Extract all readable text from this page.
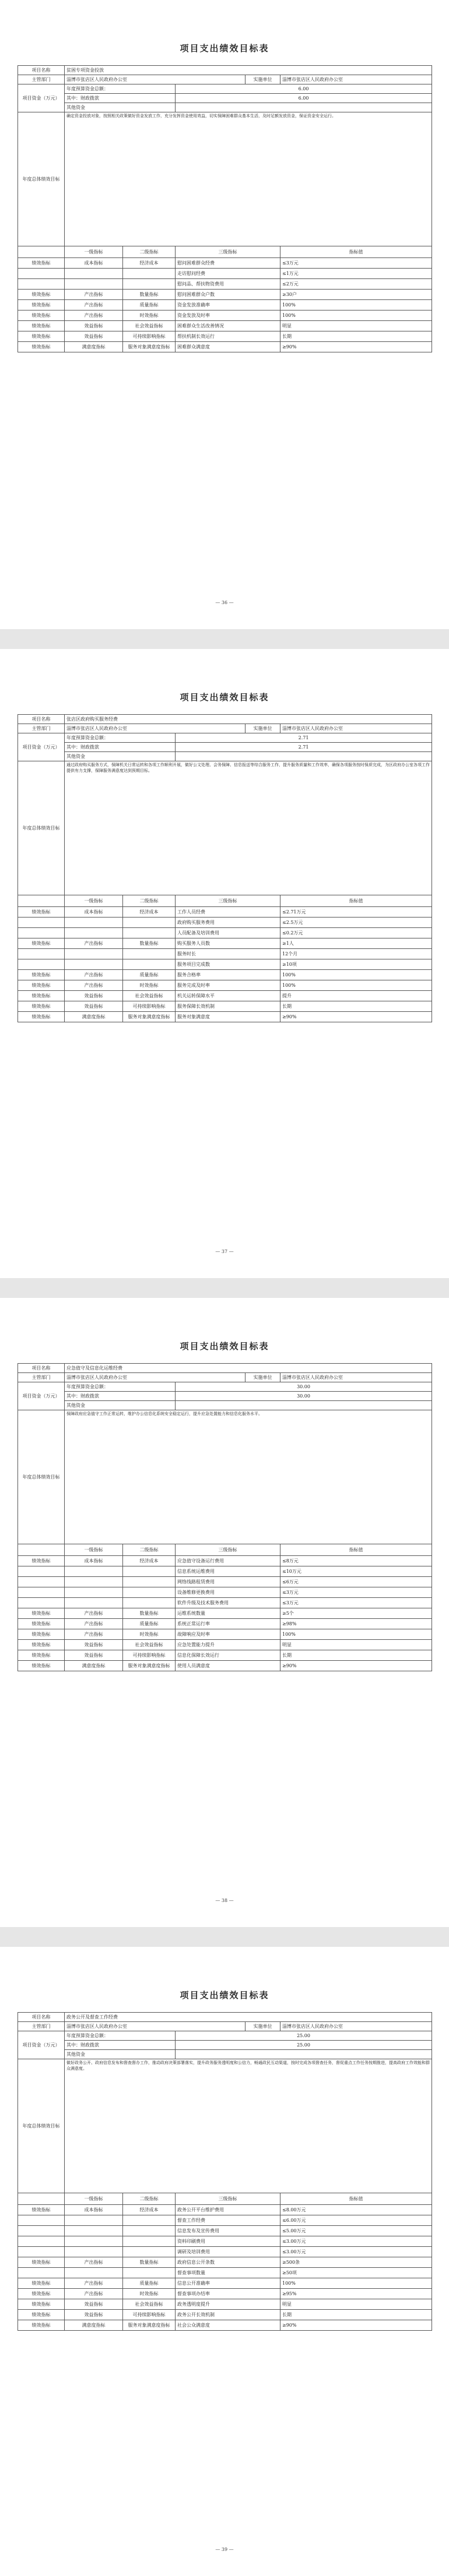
项目支出绩效目标表
项目名称	贫困专项资金投放				
主管部门	淄博市张店区人民政府办公室			实施单位	淄博市张店区人民政府办公室
项目资金（万元）	年度预算资金总额：		6.00		
	其中：财政拨款		6.00		
	其他资金				
年度总体绩效目标	确定资金投放对象，按照相关政策做好资金发放工作，充分发挥资金使用效益，切实保障困难群众基本生活，及时足额发放资金，保证资金安全运行。				
	一级指标	二级指标	三级指标		指标值
绩效指标	成本指标	经济成本	慰问困难群众经费		≤3万元
			走访慰问经费		≤1万元
			慰问品、帮扶物资费用		≤2万元
绩效指标	产出指标	数量指标	慰问困难群众户数		≥30户
绩效指标	产出指标	质量指标	资金发放准确率		100%
绩效指标	产出指标	时效指标	资金发放及时率		100%
绩效指标	效益指标	社会效益指标	困难群众生活改善情况		明显
绩效指标	效益指标	可持续影响指标	帮扶机制长效运行		长期
绩效指标	满意度指标	服务对象满意度指标	困难群众满意度		≥90%
— 36 —
项目支出绩效目标表
项目名称	张店区政府购买服务经费				
主管部门	淄博市张店区人民政府办公室			实施单位	淄博市张店区人民政府办公室
项目资金（万元）	年度预算资金总额：		2.71		
	其中：财政拨款		2.71		
	其他资金				
年度总体绩效目标	通过政府购买服务方式，保障机关日常运转和各项工作顺利开展，做好公文处理、会务保障、信息报送等综合服务工作，提升服务质量和工作效率，确保各项服务按时保质完成，为区政府办公室各项工作提供有力支撑，保障服务满意度达到预期目标。				
	一级指标	二级指标	三级指标		指标值
绩效指标	成本指标	经济成本	工作人员经费		≤2.71万元
			政府购买服务费用		≤2.5万元
			人员配备及培训费用		≤0.2万元
绩效指标	产出指标	数量指标	购买服务人员数		≥1人
			服务时长		12个月
			服务项目完成数		≥10项
绩效指标	产出指标	质量指标	服务合格率		100%
绩效指标	产出指标	时效指标	服务完成及时率		100%
绩效指标	效益指标	社会效益指标	机关运转保障水平		提升
绩效指标	效益指标	可持续影响指标	服务保障长效机制		长期
绩效指标	满意度指标	服务对象满意度指标	服务对象满意度		≥90%
— 37 —
项目支出绩效目标表
项目名称	应急值守及信息化运维经费				
主管部门	淄博市张店区人民政府办公室			实施单位	淄博市张店区人民政府办公室
项目资金（万元）	年度预算资金总额：		30.00		
	其中：财政拨款		30.00		
	其他资金				
年度总体绩效目标	保障政府应急值守工作正常运转，维护办公信息化系统安全稳定运行，提升应急处置能力和信息化服务水平。				
	一级指标	二级指标	三级指标		指标值
绩效指标	成本指标	经济成本	应急值守设备运行费用		≤8万元
			信息系统运维费用		≤10万元
			网络线路租赁费用		≤6万元
			设备维修更换费用		≤3万元
			软件升级及技术服务费用		≤3万元
绩效指标	产出指标	数量指标	运维系统数量		≥5个
绩效指标	产出指标	质量指标	系统正常运行率		≥98%
绩效指标	产出指标	时效指标	故障响应及时率		100%
绩效指标	效益指标	社会效益指标	应急处置能力提升		明显
绩效指标	效益指标	可持续影响指标	信息化保障长效运行		长期
绩效指标	满意度指标	服务对象满意度指标	使用人员满意度		≥90%
— 38 —
项目支出绩效目标表
项目名称	政务公开及督查工作经费				
主管部门	淄博市张店区人民政府办公室			实施单位	淄博市张店区人民政府办公室
项目资金（万元）	年度预算资金总额：		25.00		
	其中：财政拨款		25.00		
	其他资金				
年度总体绩效目标	做好政务公开、政府信息发布和督查督办工作，推动政府决策部署落实，提升政务服务透明度和公信力，畅通政民互动渠道，按时完成各项督查任务，督促重点工作任务按期推进，提高政府工作效能和群众满意度。				
	一级指标	二级指标	三级指标		指标值
绩效指标	成本指标	经济成本	政务公开平台维护费用		≤8.00万元
			督查工作经费		≤6.00万元
			信息发布及宣传费用		≤5.00万元
			资料印刷费用		≤3.00万元
			调研及培训费用		≤3.00万元
绩效指标	产出指标	数量指标	政府信息公开条数		≥500条
			督查事项数量		≥50项
绩效指标	产出指标	质量指标	信息公开准确率		100%
绩效指标	产出指标	时效指标	督查事项办结率		≥95%
绩效指标	效益指标	社会效益指标	政务透明度提升		明显
绩效指标	效益指标	可持续影响指标	政务公开长效机制		长期
绩效指标	满意度指标	服务对象满意度指标	社会公众满意度		≥90%
— 39 —
